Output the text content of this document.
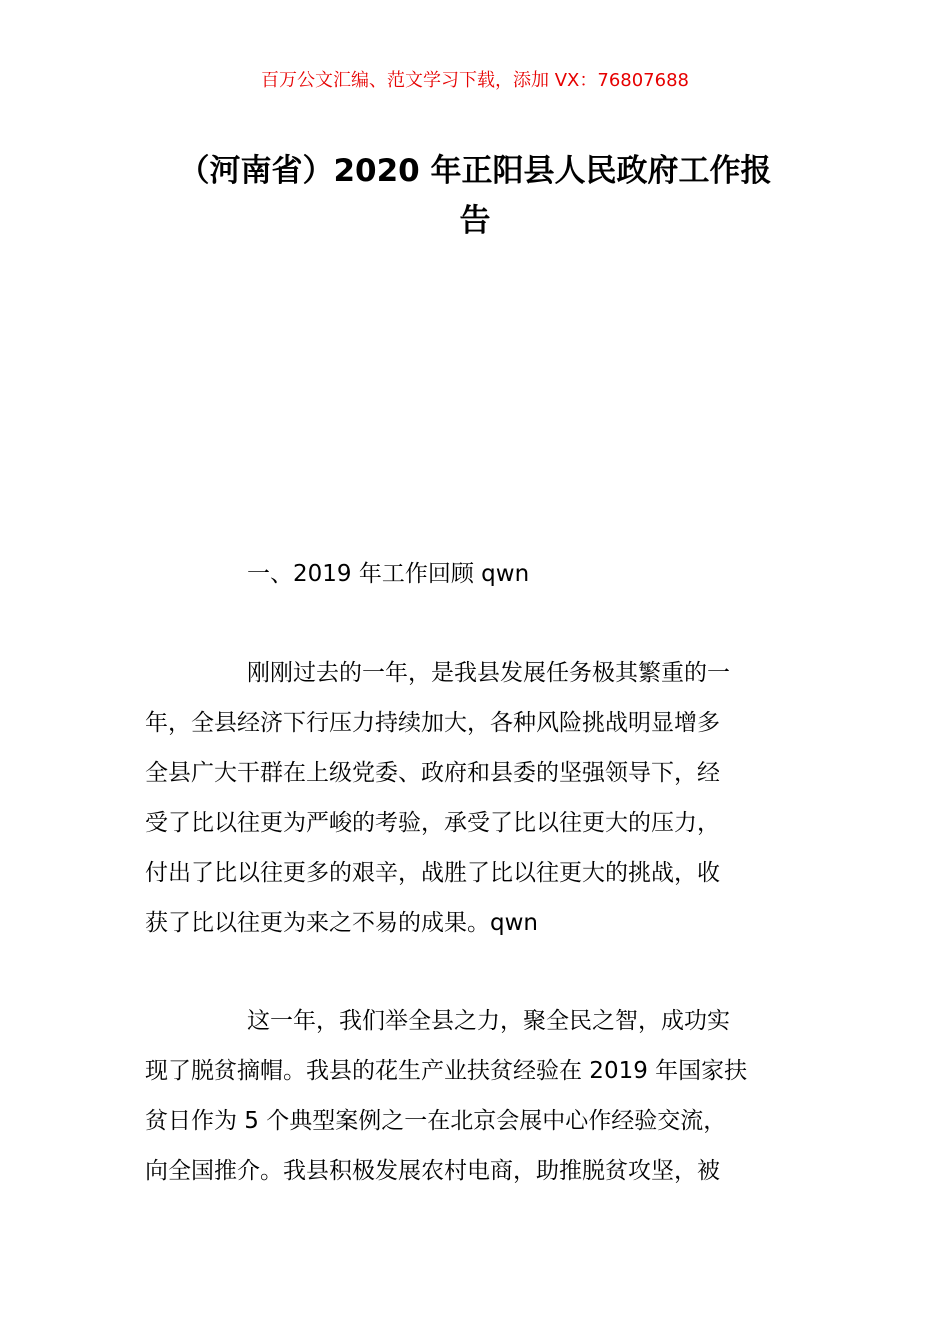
百万公文汇编、范文学习下载，添加 VX：76807688
（河南省）2020 年正阳县人民政府工作报
告
一、2019 年工作回顾 qwn
刚刚过去的一年，是我县发展任务极其繁重的一
年，全县经济下行压力持续加大，各种风险挑战明显增多
全县广大干群在上级党委、政府和县委的坚强领导下，经
受了比以往更为严峻的考验，承受了比以往更大的压力，
付出了比以往更多的艰辛，战胜了比以往更大的挑战，收
获了比以往更为来之不易的成果。qwn
这一年，我们举全县之力，聚全民之智，成功实
现了脱贫摘帽。我县的花生产业扶贫经验在 2019 年国家扶
贫日作为 5 个典型案例之一在北京会展中心作经验交流，
向全国推介。我县积极发展农村电商，助推脱贫攻坚，被
